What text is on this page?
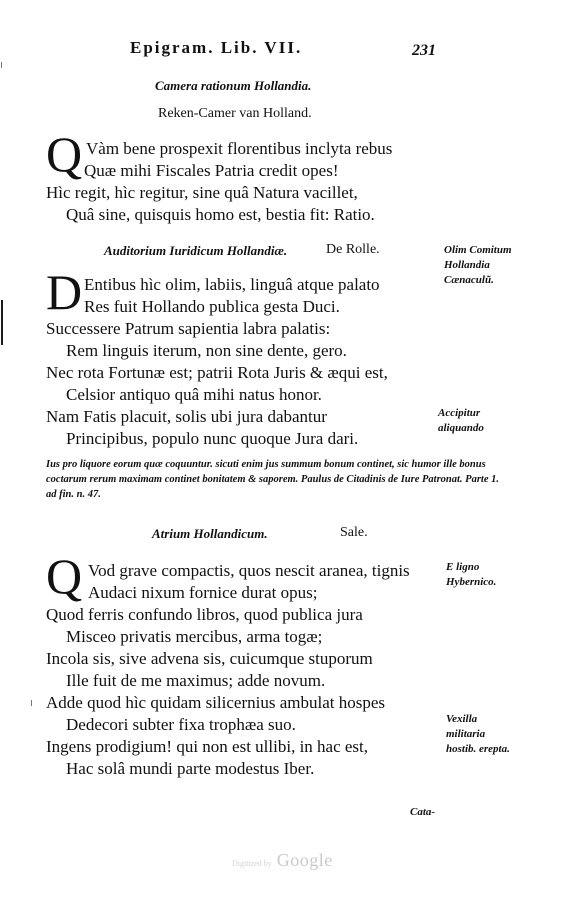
Epigram. Lib. VII.	231
Camera rationum Hollandia.
Reken-Camer van Holland.
Q Vàm bene prospexit florentibus inclyta rebus
Quæ mihi Fiscales Patria credit opes!
Hìc regit, hìc regitur, sine quâ Natura vacillet,
Quâ sine, quisquis homo est, bestia fit: Ratio.
Auditorium Iuridicum Hollandiæ.	De Rolle.
D Entibus hìc olim, labiis, linguâ atque palato
Res fuit Hollando publica gesta Duci.
Successere Patrum sapientia labra palatis:
Rem linguis iterum, non sine dente, gero.
Nec rota Fortunæ est; patrii Rota Juris & æqui est,
Celsior antiquo quâ mihi natus honor.
Nam Fatis placuit, solis ubi jura dabantur
Principibus, populo nunc quoque Jura dari.
Olim Comitum Hollandia Cænaculũ.
Accipitur aliquando
Ius pro liquore eorum quæ coquuntur. sicuti enim jus summum bonum continet, sic humor ille bonus coctarum rerum maximam continet bonitatem & saporem. Paulus de Citadinis de Iure Patronat. Parte 1. ad fin. n. 47.
Atrium Hollandicum.	Sale.
Q Vod grave compactis, quos nescit aranea, tignis
Audaci nixum fornice durat opus;
Quod ferris confundo libros, quod publica jura
Misceo privatis mercibus, arma togæ;
Incola sis, sive advena sis, cuicumque stuporum
Ille fuit de me maximus; adde novum.
Adde quod hìc quidam silicernius ambulat hospes
Dedecori subter fixa trophæa suo.
Ingens prodigium! qui non est ullibi, in hac est,
Hac solâ mundi parte modestus Iber.
E ligno Hybernico.
Vexilla militaria hostib. erepta.
Cata-
Digitized by Google
